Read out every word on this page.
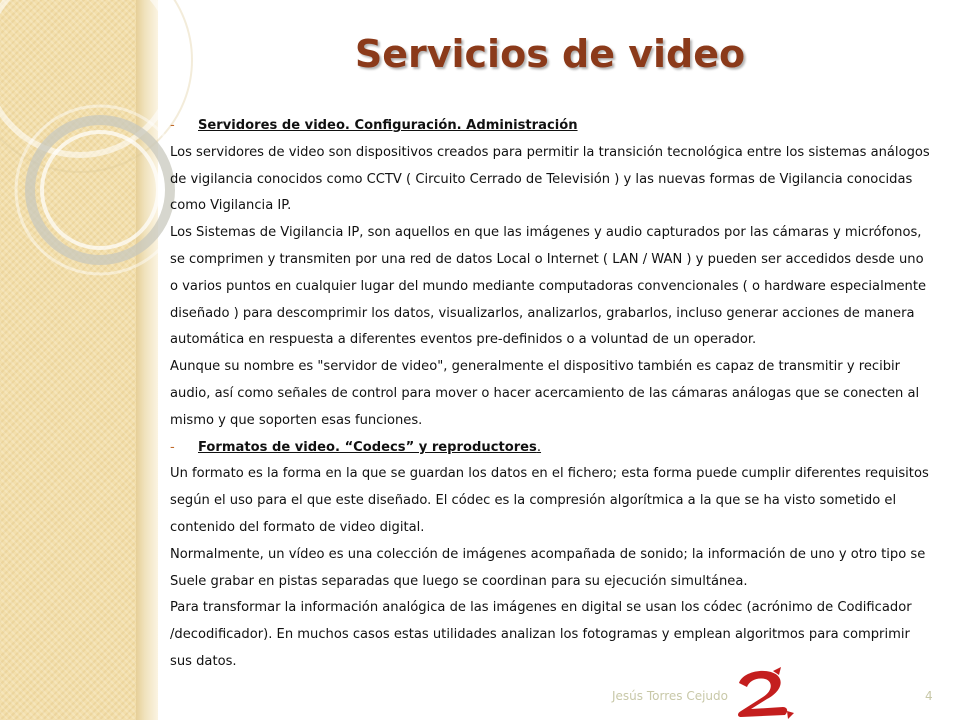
Servicios de video

- Servidores de video. Configuración. Administración

Los servidores de video son dispositivos creados para permitir la transición tecnológica entre los sistemas análogos de vigilancia conocidos como CCTV ( Circuito Cerrado de Televisión ) y las nuevas formas de Vigilancia conocidas como Vigilancia IP.

Los Sistemas de Vigilancia IP, son aquellos en que las imágenes y audio capturados por las cámaras y micrófonos, se comprimen y transmiten por una red de datos Local o Internet ( LAN / WAN ) y pueden ser accedidos desde uno o varios puntos en cualquier lugar del mundo mediante computadoras convencionales ( o hardware especialmente diseñado ) para descomprimir los datos, visualizarlos, analizarlos, grabarlos, incluso generar acciones de manera automática en respuesta a diferentes eventos pre-definidos o a voluntad de un operador.

Aunque su nombre es "servidor de video", generalmente el dispositivo también es capaz de transmitir y recibir audio, así como señales de control para mover o hacer acercamiento de las cámaras análogas que se conecten al mismo y que soporten esas funciones.

- Formatos de video. “Codecs” y reproductores.

Un formato es la forma en la que se guardan los datos en el fichero; esta forma puede cumplir diferentes requisitos según el uso para el que este diseñado. El códec es la compresión algorítmica a la que se ha visto sometido el contenido del formato de video digital.

Normalmente, un vídeo es una colección de imágenes acompañada de sonido; la información de uno y otro tipo se Suele grabar en pistas separadas que luego se coordinan para su ejecución simultánea.

Para transformar la información analógica de las imágenes en digital se usan los códec (acrónimo de Codificador /decodificador). En muchos casos estas utilidades analizan los fotogramas y emplean algoritmos para comprimir sus datos.

Jesús Torres Cejudo	4
